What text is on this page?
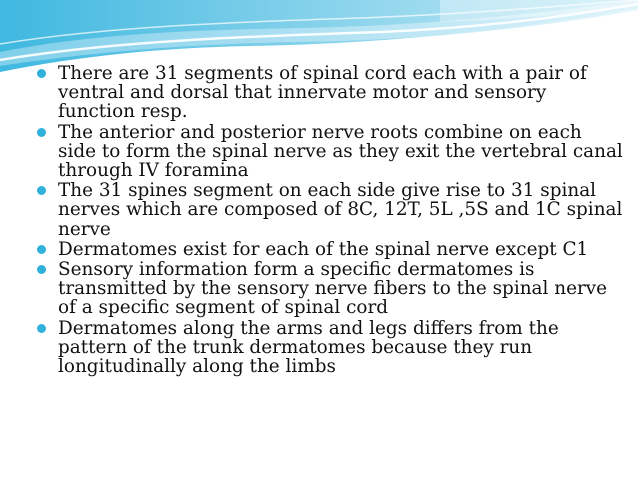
There are 31 segments of spinal cord each with a pair of ventral and dorsal that innervate motor and sensory function resp.
The anterior and posterior nerve roots combine on each side to form the spinal nerve as they exit the vertebral canal through IV foramina
The 31 spines segment on each side give rise to 31 spinal nerves which are composed of 8C, 12T, 5L ,5S and 1C spinal nerve
Dermatomes exist for each of the spinal nerve except C1
Sensory information form a specific dermatomes is transmitted by the sensory nerve fibers to the spinal nerve of a specific segment of spinal cord
Dermatomes along the arms and legs differs from the pattern of the trunk dermatomes because they run longitudinally along the limbs
